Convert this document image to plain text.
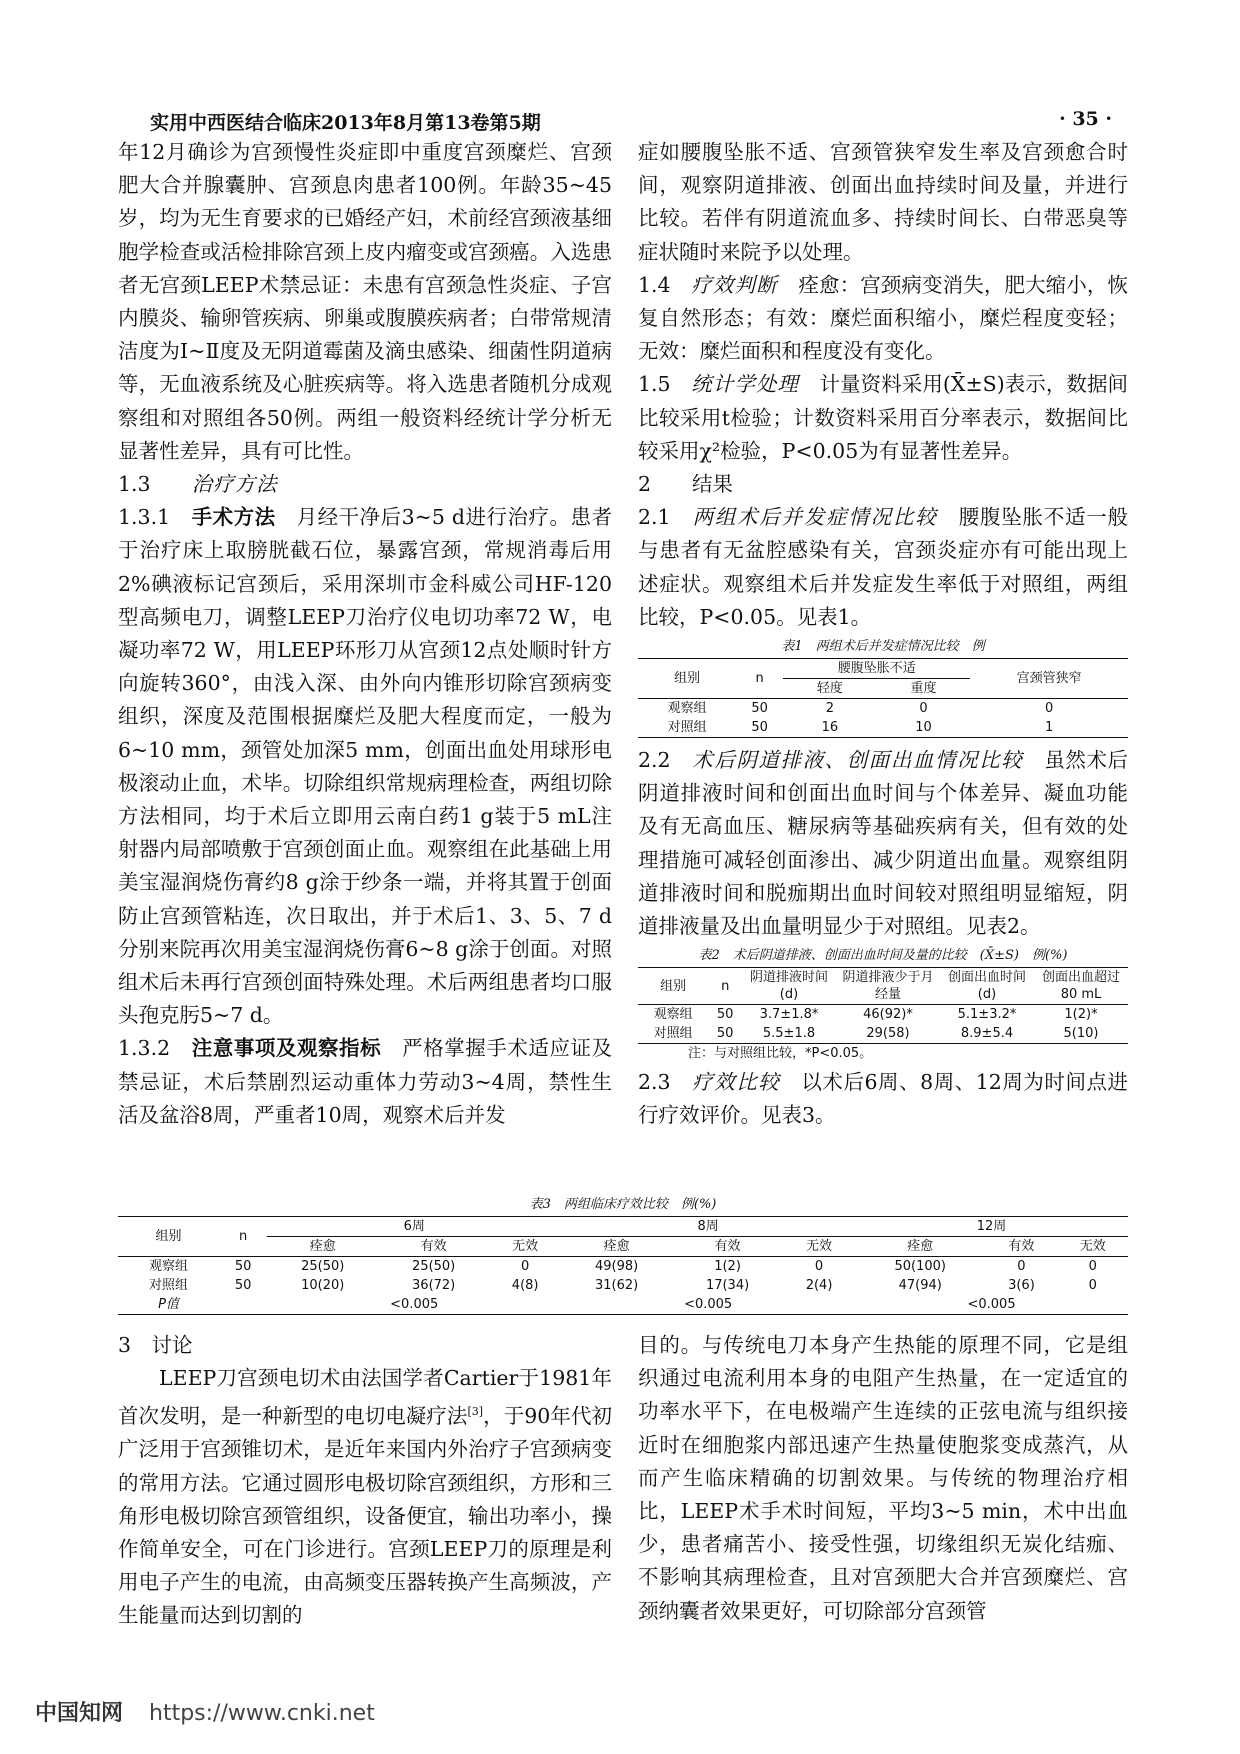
实用中西医结合临床2013年8月第13卷第5期	· 35 ·

年12月确诊为宫颈慢性炎症即中重度宫颈糜烂、宫颈肥大合并腺囊肿、宫颈息肉患者100例。年龄35~45岁，均为无生育要求的已婚经产妇，术前经宫颈液基细胞学检查或活检排除宫颈上皮内瘤变或宫颈癌。入选患者无宫颈LEEP术禁忌证：未患有宫颈急性炎症、子宫内膜炎、输卵管疾病、卵巢或腹膜疾病者；白带常规清洁度为Ⅰ~Ⅱ度及无阴道霉菌及滴虫感染、细菌性阴道病等，无血液系统及心脏疾病等。将入选患者随机分成观察组和对照组各50例。两组一般资料经统计学分析无显著性差异，具有可比性。

1.3　　 治疗方法

1.3.1　 手术方法　 月经干净后3~5 d进行治疗。患者于治疗床上取膀胱截石位，暴露宫颈，常规消毒后用2%碘液标记宫颈后，采用深圳市金科威公司HF-120型高频电刀，调整LEEP刀治疗仪电切功率72 W，电凝功率72 W，用LEEP环形刀从宫颈12点处顺时针方向旋转360°，由浅入深、由外向内锥形切除宫颈病变组织，深度及范围根据糜烂及肥大程度而定，一般为6~10 mm，颈管处加深5 mm，创面出血处用球形电极滚动止血，术毕。切除组织常规病理检查，两组切除方法相同，均于术后立即用云南白药1 g装于5 mL注射器内局部喷敷于宫颈创面止血。观察组在此基础上用美宝湿润烧伤膏约8 g涂于纱条一端，并将其置于创面防止宫颈管粘连，次日取出，并于术后1、3、5、7 d分别来院再次用美宝湿润烧伤膏6~8 g涂于创面。对照组术后未再行宫颈创面特殊处理。术后两组患者均口服头孢克肟5~7 d。

1.3.2　 注意事项及观察指标　 严格掌握手术适应证及禁忌证，术后禁剧烈运动重体力劳动3~4周，禁性生活及盆浴8周，严重者10周，观察术后并发

症如腰腹坠胀不适、宫颈管狭窄发生率及宫颈愈合时间，观察阴道排液、创面出血持续时间及量，并进行比较。若伴有阴道流血多、持续时间长、白带恶臭等症状随时来院予以处理。

1.4　 疗效判断　 痊愈：宫颈病变消失，肥大缩小，恢复自然形态；有效：糜烂面积缩小，糜烂程度变轻；无效：糜烂面积和程度没有变化。

1.5　 统计学处理　 计量资料采用(X̄±S)表示，数据间比较采用t检验；计数资料采用百分率表示，数据间比较采用χ²检验，P<0.05为有显著性差异。

2　　 结果

2.1　 两组术后并发症情况比较　 腰腹坠胀不适一般与患者有无盆腔感染有关，宫颈炎症亦有可能出现上述症状。观察组术后并发症发生率低于对照组，两组比较，P<0.05。见表1。

表1　两组术后并发症情况比较　例
组别	n	腰腹坠胀不适		宫颈管狭窄
		轻度	重度	
观察组	50	2	0	0
对照组	50	16	10	1

2.2　 术后阴道排液、创面出血情况比较　 虽然术后阴道排液时间和创面出血时间与个体差异、凝血功能及有无高血压、糖尿病等基础疾病有关，但有效的处理措施可减轻创面渗出、减少阴道出血量。观察组阴道排液时间和脱痂期出血时间较对照组明显缩短，阴道排液量及出血量明显少于对照组。见表2。

表2　术后阴道排液、创面出血时间及量的比较　(X̄±S)　例(%)
组别	n	阴道排液时间(d)	阴道排液少于月经量	创面出血时间(d)	创面出血超过80 mL
观察组	50	3.7±1.8*	46(92)*	5.1±3.2*	1(2)*
对照组	50	5.5±1.8	29(58)	8.9±5.4	5(10)
注：与对照组比较，*P<0.05。

2.3　 疗效比较　 以术后6周、8周、12周为时间点进行疗效评价。见表3。

表3　两组临床疗效比较　例(%)
组别	n	6周			8周			12周		
		痊愈	有效	无效	痊愈	有效	无效	痊愈	有效	无效
观察组	50	25(50)	25(50)	0	49(98)	1(2)	0	50(100)	0	0
对照组	50	10(20)	36(72)	4(8)	31(62)	17(34)	2(4)	47(94)	3(6)	0
P值		<0.005			<0.005			<0.005		

3　 讨论

LEEP刀宫颈电切术由法国学者Cartier于1981年首次发明，是一种新型的电切电凝疗法[3]，于90年代初广泛用于宫颈锥切术，是近年来国内外治疗子宫颈病变的常用方法。它通过圆形电极切除宫颈组织，方形和三角形电极切除宫颈管组织，设备便宜，输出功率小，操作简单安全，可在门诊进行。宫颈LEEP刀的原理是利用电子产生的电流，由高频变压器转换产生高频波，产生能量而达到切割的

目的。与传统电刀本身产生热能的原理不同，它是组织通过电流利用本身的电阻产生热量，在一定适宜的功率水平下，在电极端产生连续的正弦电流与组织接近时在细胞浆内部迅速产生热量使胞浆变成蒸汽，从而产生临床精确的切割效果。与传统的物理治疗相比，LEEP术手术时间短，平均3~5 min，术中出血少，患者痛苦小、接受性强，切缘组织无炭化结痂、不影响其病理检查，且对宫颈肥大合并宫颈糜烂、宫颈纳囊者效果更好，可切除部分宫颈管

中国知网 https://www.cnki.net
